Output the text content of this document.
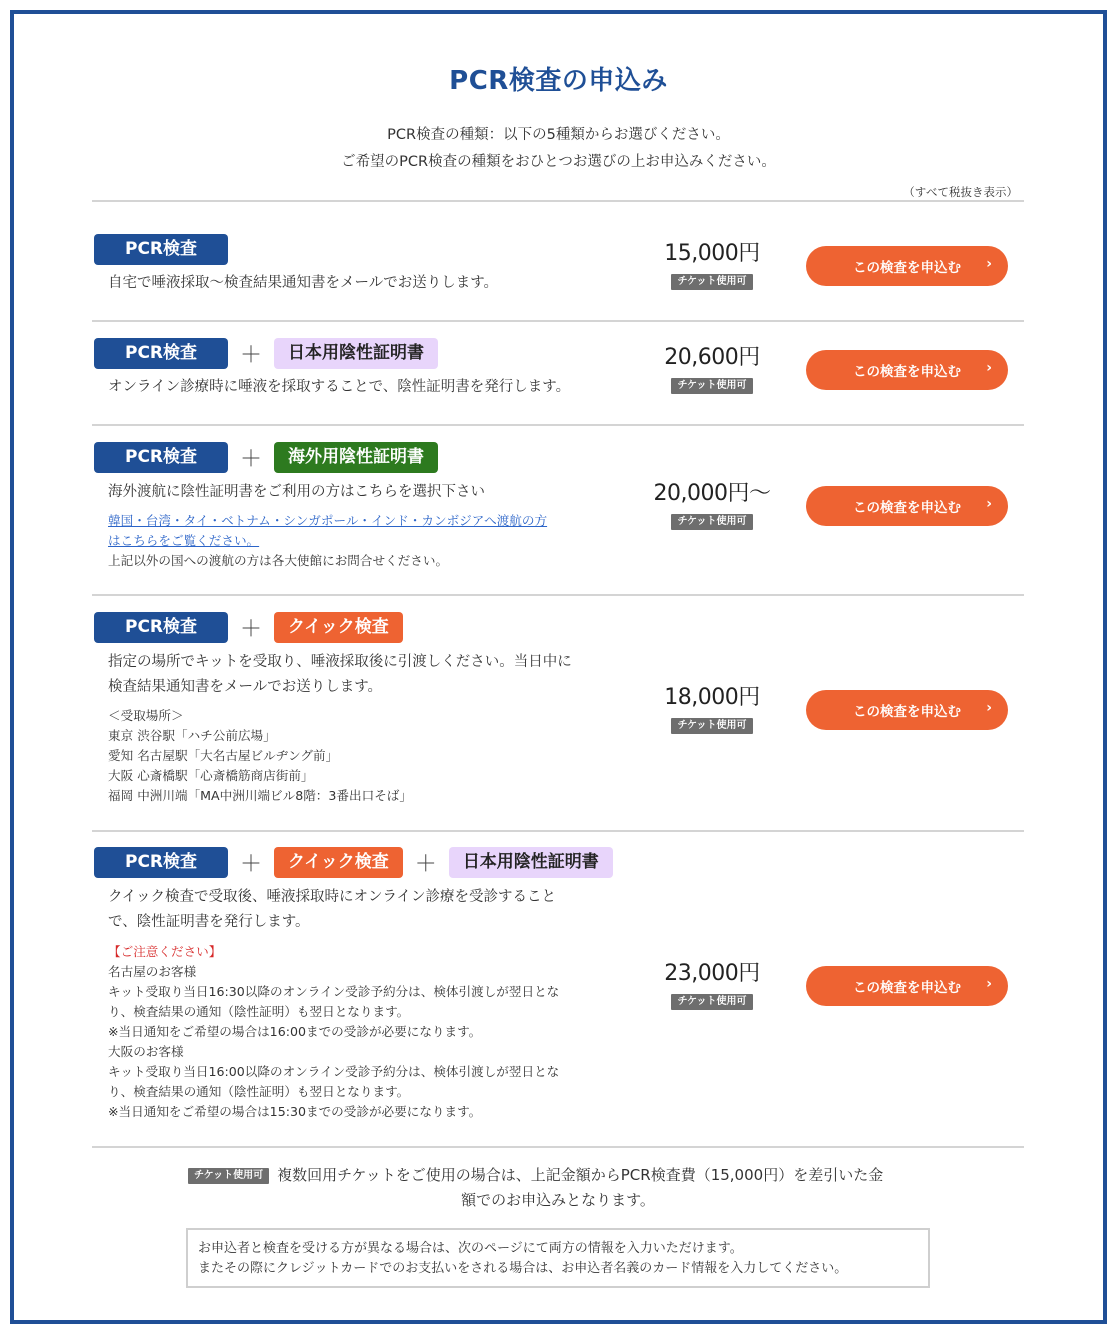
PCR検査の申込み
PCR検査の種類：以下の5種類からお選びください。
ご希望のPCR検査の種類をおひとつお選びの上お申込みください。
（すべて税抜き表示）
PCR検査
自宅で唾液採取〜検査結果通知書をメールでお送りします。
15,000円
チケット使用可
この検査を申込む ›
PCR検査	＋	日本用陰性証明書
オンライン診療時に唾液を採取することで、陰性証明書を発行します。
20,600円
チケット使用可
この検査を申込む ›
PCR検査	＋	海外用陰性証明書
海外渡航に陰性証明書をご利用の方はこちらを選択下さい
韓国・台湾・タイ・ベトナム・シンガポール・インド・カンボジアへ渡航の方
はこちらをご覧ください。
上記以外の国への渡航の方は各大使館にお問合せください。
20,000円〜
チケット使用可
この検査を申込む ›
PCR検査	＋	クイック検査
指定の場所でキットを受取り、唾液採取後に引渡しください。当日中に
検査結果通知書をメールでお送りします。
＜受取場所＞
東京 渋谷駅「ハチ公前広場」
愛知 名古屋駅「大名古屋ビルヂング前」
大阪 心斎橋駅「心斎橋筋商店街前」
福岡 中洲川端「MA中洲川端ビル8階：3番出口そば」
18,000円
チケット使用可
この検査を申込む ›
PCR検査	＋	クイック検査	＋	日本用陰性証明書
クイック検査で受取後、唾液採取時にオンライン診療を受診すること
で、陰性証明書を発行します。
【ご注意ください】
名古屋のお客様
キット受取り当日16:30以降のオンライン受診予約分は、検体引渡しが翌日とな
り、検査結果の通知（陰性証明）も翌日となります。
※当日通知をご希望の場合は16:00までの受診が必要になります。
大阪のお客様
キット受取り当日16:00以降のオンライン受診予約分は、検体引渡しが翌日とな
り、検査結果の通知（陰性証明）も翌日となります。
※当日通知をご希望の場合は15:30までの受診が必要になります。
23,000円
チケット使用可
この検査を申込む ›
チケット使用可 複数回用チケットをご使用の場合は、上記金額からPCR検査費（15,000円）を差引いた金
額でのお申込みとなります。
お申込者と検査を受ける方が異なる場合は、次のページにて両方の情報を入力いただけます。
またその際にクレジットカードでのお支払いをされる場合は、お申込者名義のカード情報を入力してください。
